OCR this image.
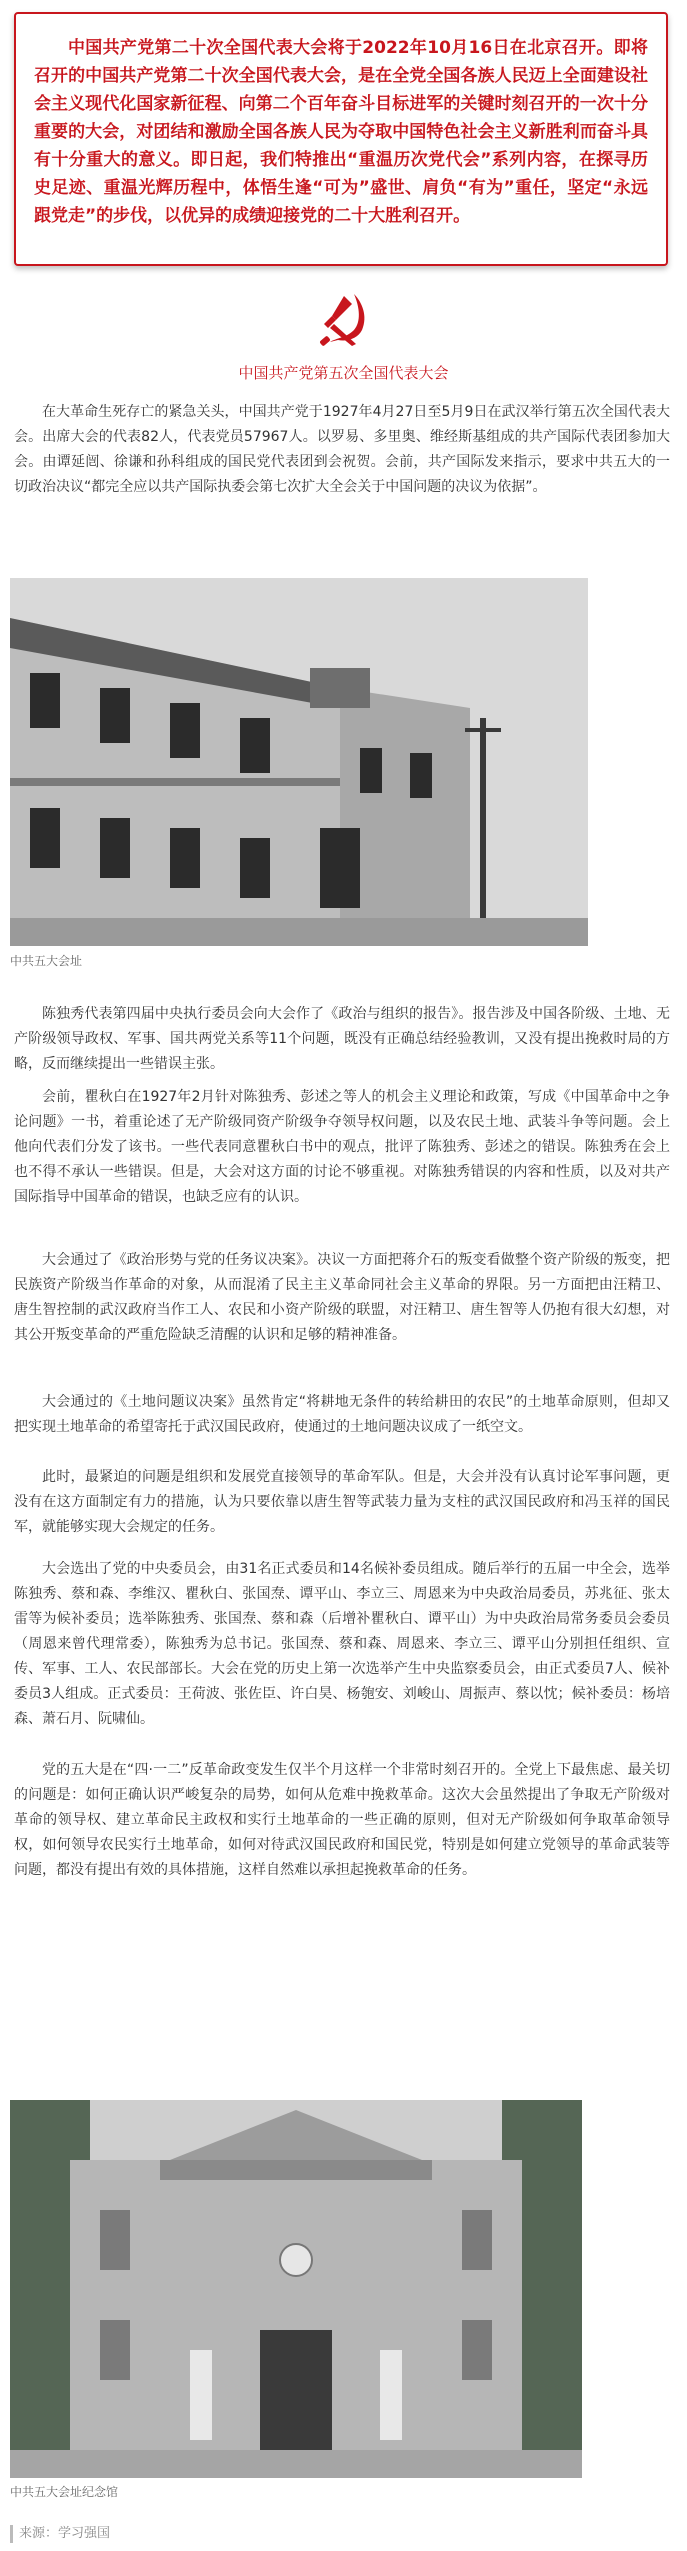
中国共产党第二十次全国代表大会将于2022年10月16日在北京召开。即将召开的中国共产党第二十次全国代表大会，是在全党全国各族人民迈上全面建设社会主义现代化国家新征程、向第二个百年奋斗目标进军的关键时刻召开的一次十分重要的大会，对团结和激励全国各族人民为夺取中国特色社会主义新胜利而奋斗具有十分重大的意义。即日起，我们特推出“重温历次党代会”系列内容，在探寻历史足迹、重温光辉历程中，体悟生逢“可为”盛世、肩负“有为”重任，坚定“永远跟党走”的步伐，以优异的成绩迎接党的二十大胜利召开。

中国共产党第五次全国代表大会

在大革命生死存亡的紧急关头，中国共产党于1927年4月27日至5月9日在武汉举行第五次全国代表大会。出席大会的代表82人，代表党员57967人。以罗易、多里奥、维经斯基组成的共产国际代表团参加大会。由谭延闿、徐谦和孙科组成的国民党代表团到会祝贺。会前，共产国际发来指示，要求中共五大的一切政治决议“都完全应以共产国际执委会第七次扩大全会关于中国问题的决议为依据”。

中共五大会址

陈独秀代表第四届中央执行委员会向大会作了《政治与组织的报告》。报告涉及中国各阶级、土地、无产阶级领导政权、军事、国共两党关系等11个问题，既没有正确总结经验教训，又没有提出挽救时局的方略，反而继续提出一些错误主张。

会前，瞿秋白在1927年2月针对陈独秀、彭述之等人的机会主义理论和政策，写成《中国革命中之争论问题》一书，着重论述了无产阶级同资产阶级争夺领导权问题，以及农民土地、武装斗争等问题。会上他向代表们分发了该书。一些代表同意瞿秋白书中的观点，批评了陈独秀、彭述之的错误。陈独秀在会上也不得不承认一些错误。但是，大会对这方面的讨论不够重视。对陈独秀错误的内容和性质，以及对共产国际指导中国革命的错误，也缺乏应有的认识。

大会通过了《政治形势与党的任务议决案》。决议一方面把蒋介石的叛变看做整个资产阶级的叛变，把民族资产阶级当作革命的对象，从而混淆了民主主义革命同社会主义革命的界限。另一方面把由汪精卫、唐生智控制的武汉政府当作工人、农民和小资产阶级的联盟，对汪精卫、唐生智等人仍抱有很大幻想，对其公开叛变革命的严重危险缺乏清醒的认识和足够的精神准备。

大会通过的《土地问题议决案》虽然肯定“将耕地无条件的转给耕田的农民”的土地革命原则，但却又把实现土地革命的希望寄托于武汉国民政府，使通过的土地问题决议成了一纸空文。

此时，最紧迫的问题是组织和发展党直接领导的革命军队。但是，大会并没有认真讨论军事问题，更没有在这方面制定有力的措施，认为只要依靠以唐生智等武装力量为支柱的武汉国民政府和冯玉祥的国民军，就能够实现大会规定的任务。

大会选出了党的中央委员会，由31名正式委员和14名候补委员组成。随后举行的五届一中全会，选举陈独秀、蔡和森、李维汉、瞿秋白、张国焘、谭平山、李立三、周恩来为中央政治局委员，苏兆征、张太雷等为候补委员；选举陈独秀、张国焘、蔡和森（后增补瞿秋白、谭平山）为中央政治局常务委员会委员（周恩来曾代理常委），陈独秀为总书记。张国焘、蔡和森、周恩来、李立三、谭平山分别担任组织、宣传、军事、工人、农民部部长。大会在党的历史上第一次选举产生中央监察委员会，由正式委员7人、候补委员3人组成。正式委员：王荷波、张佐臣、许白昊、杨匏安、刘峻山、周振声、蔡以忱；候补委员：杨培森、萧石月、阮啸仙。

党的五大是在“四·一二”反革命政变发生仅半个月这样一个非常时刻召开的。全党上下最焦虑、最关切的问题是：如何正确认识严峻复杂的局势，如何从危难中挽救革命。这次大会虽然提出了争取无产阶级对革命的领导权、建立革命民主政权和实行土地革命的一些正确的原则，但对无产阶级如何争取革命领导权，如何领导农民实行土地革命，如何对待武汉国民政府和国民党，特别是如何建立党领导的革命武装等问题，都没有提出有效的具体措施，这样自然难以承担起挽救革命的任务。

中共五大会址纪念馆
来源：学习强国
